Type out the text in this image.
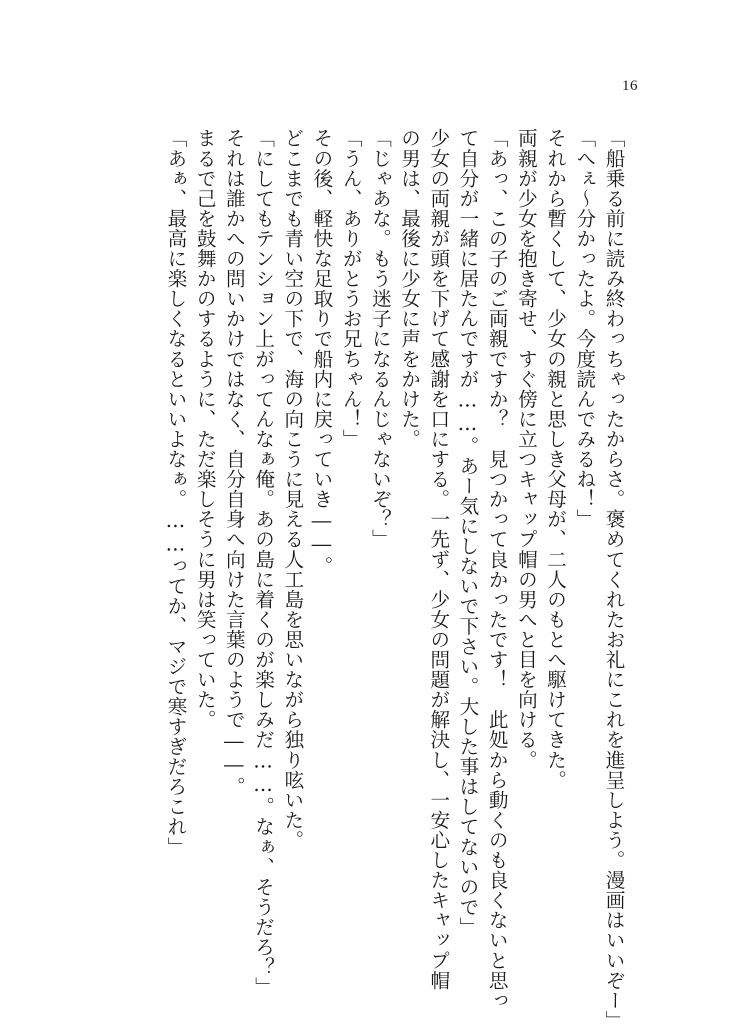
16
「船乗る前に読み終わっちゃったからさ。褒めてくれたお礼にこれを進呈しよう。漫画はいいぞー」
「へぇ～分かったよ。今度読んでみるね！」
それから暫くして、少女の親と思しき父母が、二人のもとへ駆けてきた。
両親が少女を抱き寄せ、すぐ傍に立つキャップ帽の男へと目を向ける。
「あっ、この子のご両親ですか？　見つかって良かったです！　此処から動くのも良くないと思っ
て自分が一緒に居たんですが……。あー気にしないで下さい。大した事はしてないので」
少女の両親が頭を下げて感謝を口にする。一先ず、少女の問題が解決し、一安心したキャップ帽
の男は、最後に少女に声をかけた。
「じゃあな。もう迷子になるんじゃないぞ？」
「うん、ありがとうお兄ちゃん！」
その後、軽快な足取りで船内に戻っていき――。
どこまでも青い空の下で、海の向こうに見える人工島を思いながら独り呟いた。
「にしてもテンション上がってんなぁ俺。あの島に着くのが楽しみだ……。なぁ、そうだろ？」
それは誰かへの問いかけではなく、自分自身へ向けた言葉のようで――。
まるで己を鼓舞かのするように、ただ楽しそうに男は笑っていた。
「あぁ、最高に楽しくなるといいよなぁ。……ってか、マジで寒すぎだろこれ」
